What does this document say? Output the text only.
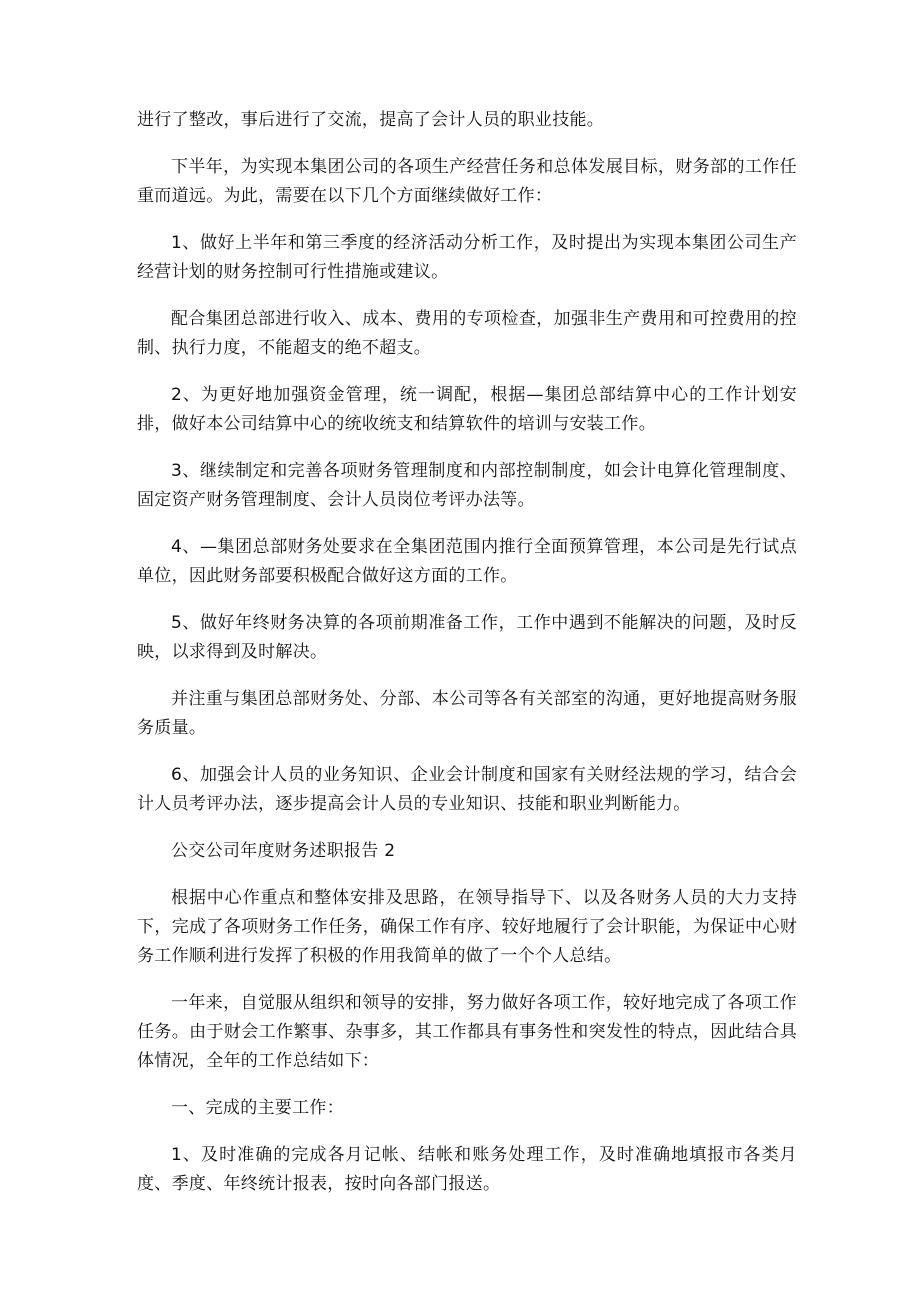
进行了整改，事后进行了交流，提高了会计人员的职业技能。

下半年，为实现本集团公司的各项生产经营任务和总体发展目标，财务部的工作任重而道远。为此，需要在以下几个方面继续做好工作：

1、做好上半年和第三季度的经济活动分析工作，及时提出为实现本集团公司生产经营计划的财务控制可行性措施或建议。

配合集团总部进行收入、成本、费用的专项检查，加强非生产费用和可控费用的控制、执行力度，不能超支的绝不超支。

2、为更好地加强资金管理，统一调配，根据—集团总部结算中心的工作计划安排，做好本公司结算中心的统收统支和结算软件的培训与安装工作。

3、继续制定和完善各项财务管理制度和内部控制制度，如会计电算化管理制度、固定资产财务管理制度、会计人员岗位考评办法等。

4、—集团总部财务处要求在全集团范围内推行全面预算管理，本公司是先行试点单位，因此财务部要积极配合做好这方面的工作。

5、做好年终财务决算的各项前期准备工作，工作中遇到不能解决的问题，及时反映，以求得到及时解决。

并注重与集团总部财务处、分部、本公司等各有关部室的沟通，更好地提高财务服务质量。

6、加强会计人员的业务知识、企业会计制度和国家有关财经法规的学习，结合会计人员考评办法，逐步提高会计人员的专业知识、技能和职业判断能力。

公交公司年度财务述职报告 2

根据中心作重点和整体安排及思路，在领导指导下、以及各财务人员的大力支持下，完成了各项财务工作任务，确保工作有序、较好地履行了会计职能，为保证中心财务工作顺利进行发挥了积极的作用我简单的做了一个个人总结。

一年来，自觉服从组织和领导的安排，努力做好各项工作，较好地完成了各项工作任务。由于财会工作繁事、杂事多，其工作都具有事务性和突发性的特点，因此结合具体情况，全年的工作总结如下：

一、完成的主要工作：

1、及时准确的完成各月记帐、结帐和账务处理工作，及时准确地填报市各类月度、季度、年终统计报表，按时向各部门报送。
